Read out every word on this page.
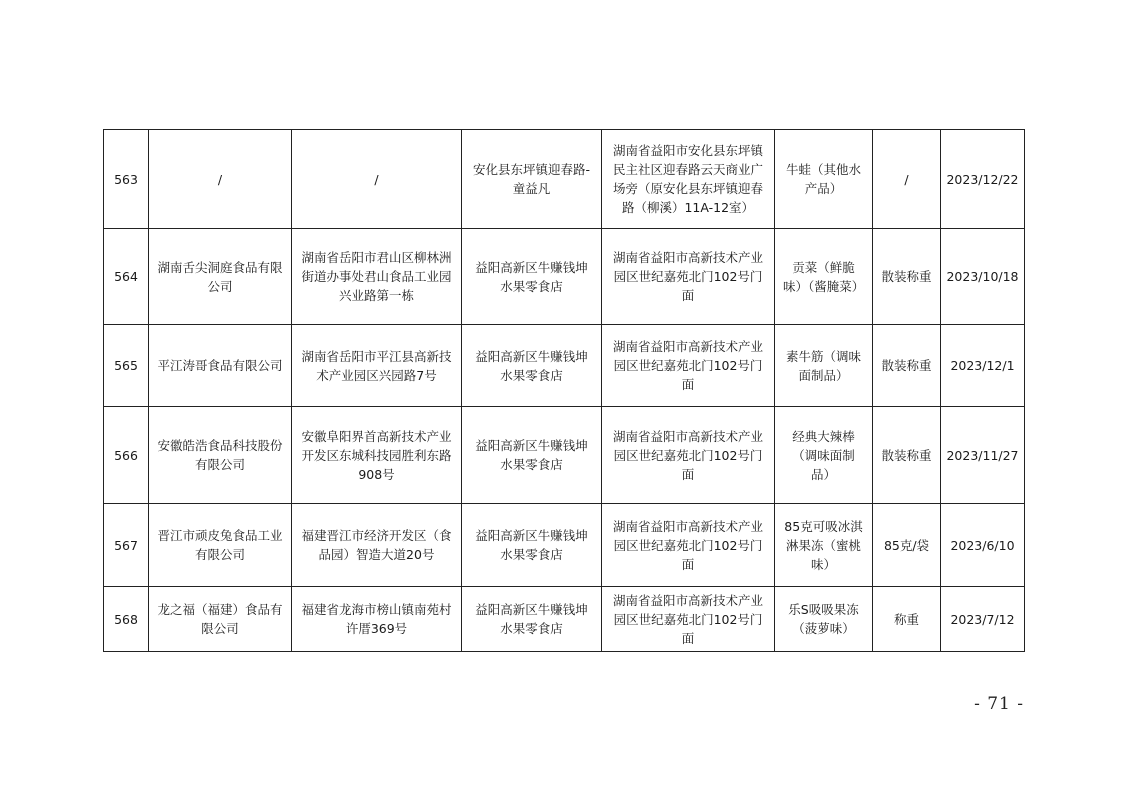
563	/	/	安化县东坪镇迎春路-童益凡	湖南省益阳市安化县东坪镇民主社区迎春路云天商业广场旁（原安化县东坪镇迎春路（柳溪）11A-12室）	牛蛙（其他水产品）	/	2023/12/22
564	湖南舌尖洞庭食品有限公司	湖南省岳阳市君山区柳林洲街道办事处君山食品工业园兴业路第一栋	益阳高新区牛赚钱坤水果零食店	湖南省益阳市高新技术产业园区世纪嘉苑北门102号门面	贡菜（鲜脆味）（酱腌菜）	散装称重	2023/10/18
565	平江涛哥食品有限公司	湖南省岳阳市平江县高新技术产业园区兴园路7号	益阳高新区牛赚钱坤水果零食店	湖南省益阳市高新技术产业园区世纪嘉苑北门102号门面	素牛筋（调味面制品）	散装称重	2023/12/1
566	安徽皓浩食品科技股份有限公司	安徽阜阳界首高新技术产业开发区东城科技园胜利东路908号	益阳高新区牛赚钱坤水果零食店	湖南省益阳市高新技术产业园区世纪嘉苑北门102号门面	经典大辣棒（调味面制品）	散装称重	2023/11/27
567	晋江市顽皮兔食品工业有限公司	福建晋江市经济开发区（食品园）智造大道20号	益阳高新区牛赚钱坤水果零食店	湖南省益阳市高新技术产业园区世纪嘉苑北门102号门面	85克可吸冰淇淋果冻（蜜桃味）	85克/袋	2023/6/10
568	龙之福（福建）食品有限公司	福建省龙海市榜山镇南苑村许厝369号	益阳高新区牛赚钱坤水果零食店	湖南省益阳市高新技术产业园区世纪嘉苑北门102号门面	乐S吸吸果冻（菠萝味）	称重	2023/7/12
- 71 -
